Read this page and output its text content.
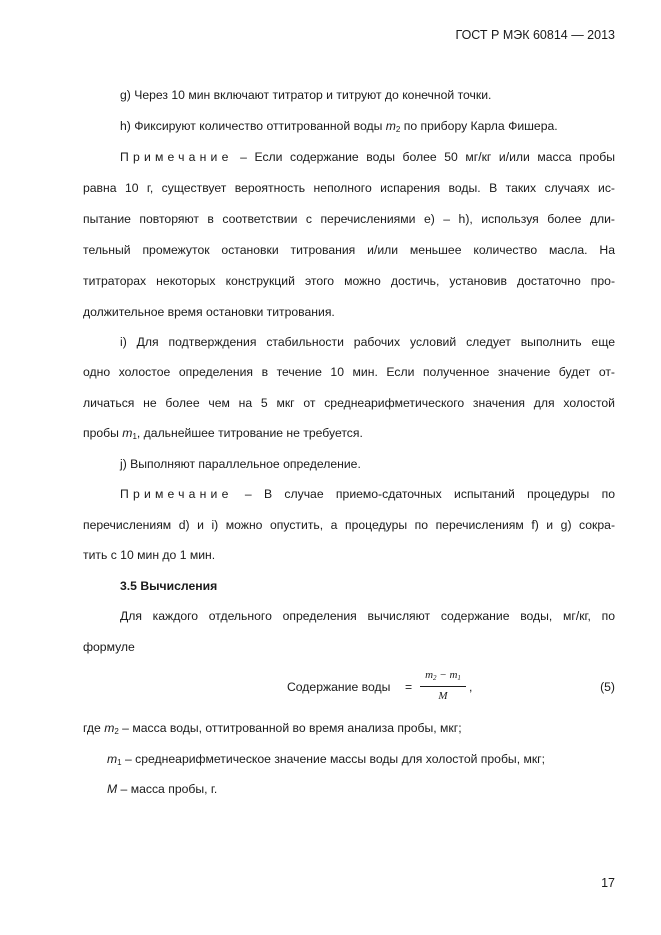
ГОСТ Р МЭК 60814 — 2013
g) Через 10 мин включают титратор и титруют до конечной точки.
h) Фиксируют количество оттитрованной воды $m_2$ по прибору Карла Фишера.
Примечание – Если содержание воды более 50 мг/кг и/или масса пробы
равна 10 г, существует вероятность неполного испарения воды. В таких случаях ис-
пытание повторяют в соответствии с перечислениями e) – h), используя более дли-
тельный промежуток остановки титрования и/или меньшее количество масла. На
титраторах некоторых конструкций этого можно достичь, установив достаточно про-
должительное время остановки титрования.
i) Для подтверждения стабильности рабочих условий следует выполнить еще
одно холостое определения в течение 10 мин. Если полученное значение будет от-
личаться не более чем на 5 мкг от среднеарифметического значения для холостой
пробы $m_1$, дальнейшее титрование не требуется.
j) Выполняют параллельное определение.
Примечание – В случае приемо-сдаточных испытаний процедуры по
перечислениям d) и i) можно опустить, а процедуры по перечислениям f) и g) сокра-
тить с 10 мин до 1 мин.
3.5 Вычисления
Для каждого отдельного определения вычисляют содержание воды, мг/кг, по
формуле
Содержание воды =
m2 − m1
M
,	(5)
где $m_2$ – масса воды, оттитрованной во время анализа пробы, мкг;
$m_1$ – среднеарифметическое значение массы воды для холостой пробы, мкг;
M – масса пробы, г.
17
